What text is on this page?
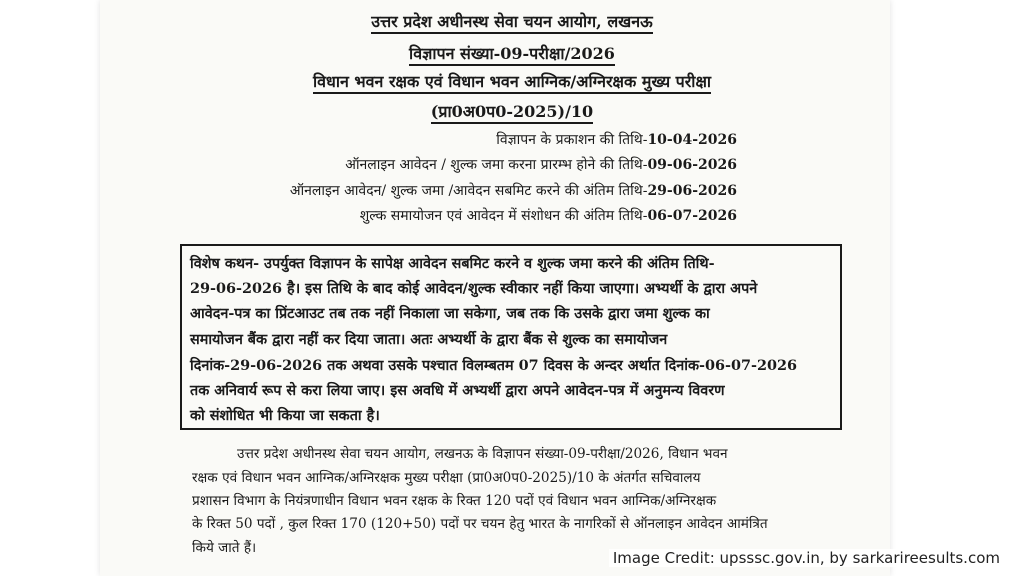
उत्तर प्रदेश अधीनस्थ सेवा चयन आयोग, लखनऊ
विज्ञापन संख्या-09-परीक्षा/2026
विधान भवन रक्षक एवं विधान भवन आग्निक/अग्निरक्षक मुख्य परीक्षा
(प्रा0अ0प0-2025)/10
विज्ञापन के प्रकाशन की तिथि-10-04-2026
ऑनलाइन आवेदन / शुल्क जमा करना प्रारम्भ होने की तिथि-09-06-2026
ऑनलाइन आवेदन/ शुल्क जमा /आवेदन सबमिट करने की अंतिम तिथि-29-06-2026
शुल्क समायोजन एवं आवेदन में संशोधन की अंतिम तिथि-06-07-2026
विशेष कथन- उपर्युक्त विज्ञापन के सापेक्ष आवेदन सबमिट करने व शुल्क जमा करने की अंतिम तिथि-
29-06-2026 है। इस तिथि के बाद कोई आवेदन/शुल्क स्वीकार नहीं किया जाएगा। अभ्यर्थी के द्वारा अपने
आवेदन-पत्र का प्रिंटआउट तब तक नहीं निकाला जा सकेगा, जब तक कि उसके द्वारा जमा शुल्क का
समायोजन बैंक द्वारा नहीं कर दिया जाता। अतः अभ्यर्थी के द्वारा बैंक से शुल्क का समायोजन
दिनांक-29-06-2026 तक अथवा उसके पश्चात विलम्बतम 07 दिवस के अन्दर अर्थात दिनांक-06-07-2026
तक अनिवार्य रूप से करा लिया जाए। इस अवधि में अभ्यर्थी द्वारा अपने आवेदन-पत्र में अनुमन्य विवरण
को संशोधित भी किया जा सकता है।
उत्तर प्रदेश अधीनस्थ सेवा चयन आयोग, लखनऊ के विज्ञापन संख्या-09-परीक्षा/2026, विधान भवन
रक्षक एवं विधान भवन आग्निक/अग्निरक्षक मुख्य परीक्षा (प्रा0अ0प0-2025)/10 के अंतर्गत सचिवालय
प्रशासन विभाग के नियंत्रणाधीन विधान भवन रक्षक के रिक्त 120 पदों एवं विधान भवन आग्निक/अग्निरक्षक
के रिक्त 50 पदों , कुल रिक्त 170 (120+50) पदों पर चयन हेतु भारत के नागरिकों से ऑनलाइन आवेदन आमंत्रित
किये जाते हैं।
Image Credit: upsssc.gov.in, by sarkarireesults.com
